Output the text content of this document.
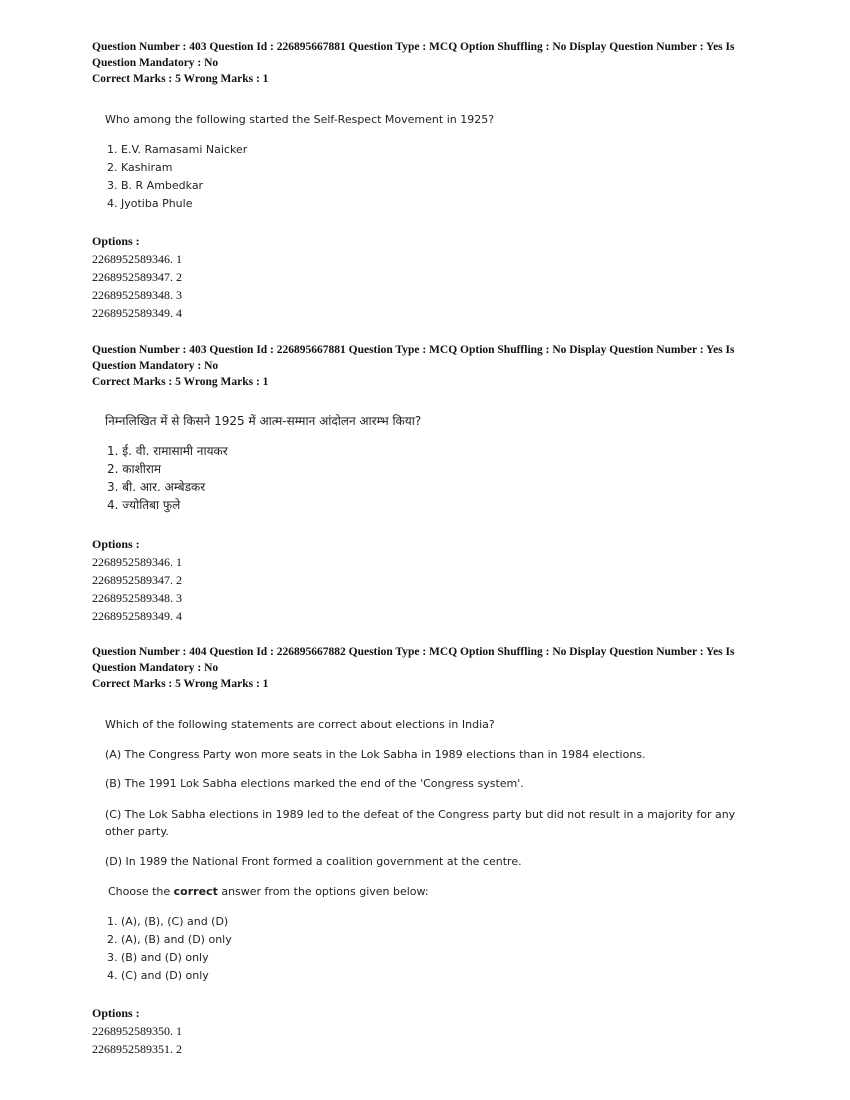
Question Number : 403 Question Id : 226895667881 Question Type : MCQ Option Shuffling : No Display Question Number : Yes Is
Question Mandatory : No
Correct Marks : 5 Wrong Marks : 1
Who among the following started the Self-Respect Movement in 1925?
1. E.V. Ramasami Naicker
2. Kashiram
3. B. R Ambedkar
4. Jyotiba Phule
Options :
2268952589346. 1
2268952589347. 2
2268952589348. 3
2268952589349. 4
Question Number : 403 Question Id : 226895667881 Question Type : MCQ Option Shuffling : No Display Question Number : Yes Is
Question Mandatory : No
Correct Marks : 5 Wrong Marks : 1
निम्नलिखित में से किसने 1925 में आत्म-सम्मान आंदोलन आरम्भ किया?
1. ई. वी. रामासामी नायकर
2. काशीराम
3. बी. आर. अम्बेडकर
4. ज्योतिबा फुले
Options :
2268952589346. 1
2268952589347. 2
2268952589348. 3
2268952589349. 4
Question Number : 404 Question Id : 226895667882 Question Type : MCQ Option Shuffling : No Display Question Number : Yes Is
Question Mandatory : No
Correct Marks : 5 Wrong Marks : 1
Which of the following statements are correct about elections in India?
(A) The Congress Party won more seats in the Lok Sabha in 1989 elections than in 1984 elections.
(B) The 1991 Lok Sabha elections marked the end of the 'Congress system'.
(C) The Lok Sabha elections in 1989 led to the defeat of the Congress party but did not result in a majority for any
other party.
(D) In 1989 the National Front formed a coalition government at the centre.
Choose the correct answer from the options given below:
1. (A), (B), (C) and (D)
2. (A), (B) and (D) only
3. (B) and (D) only
4. (C) and (D) only
Options :
2268952589350. 1
2268952589351. 2
